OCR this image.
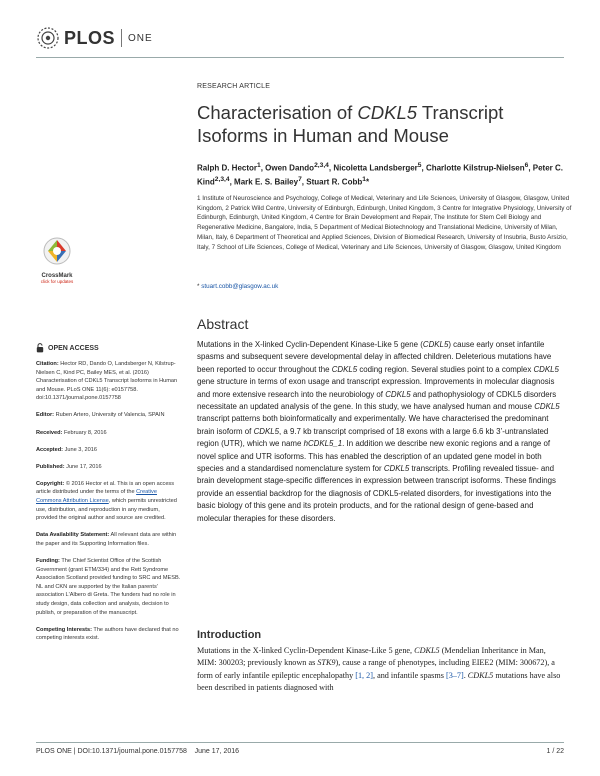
PLOS ONE
RESEARCH ARTICLE
Characterisation of CDKL5 Transcript Isoforms in Human and Mouse
Ralph D. Hector$^1$, Owen Dando$^{2,3,4}$, Nicoletta Landsberger$^5$, Charlotte Kilstrup-Nielsen$^6$, Peter C. Kind$^{2,3,4}$, Mark E. S. Bailey$^7$, Stuart R. Cobb$^1$*
1 Institute of Neuroscience and Psychology, College of Medical, Veterinary and Life Sciences, University of Glasgow, Glasgow, United Kingdom, 2 Patrick Wild Centre, University of Edinburgh, Edinburgh, United Kingdom, 3 Centre for Integrative Physiology, University of Edinburgh, Edinburgh, United Kingdom, 4 Centre for Brain Development and Repair, The Institute for Stem Cell Biology and Regenerative Medicine, Bangalore, India, 5 Department of Medical Biotechnology and Translational Medicine, University of Milan, Milan, Italy, 6 Department of Theoretical and Applied Sciences, Division of Biomedical Research, University of Insubria, Busto Arsizio, Italy, 7 School of Life Sciences, College of Medical, Veterinary and Life Sciences, University of Glasgow, Glasgow, United Kingdom
* stuart.cobb@glasgow.ac.uk
CrossMark
click for updates
OPEN ACCESS

Citation: Hector RD, Dando O, Landsberger N, Kilstrup-Nielsen C, Kind PC, Bailey MES, et al. (2016) Characterisation of CDKL5 Transcript Isoforms in Human and Mouse. PLoS ONE 11(6): e0157758. doi:10.1371/journal.pone.0157758

Editor: Ruben Artero, University of Valencia, SPAIN

Received: February 8, 2016

Accepted: June 3, 2016

Published: June 17, 2016

Copyright: © 2016 Hector et al. This is an open access article distributed under the terms of the Creative Commons Attribution License, which permits unrestricted use, distribution, and reproduction in any medium, provided the original author and source are credited.

Data Availability Statement: All relevant data are within the paper and its Supporting Information files.

Funding: The Chief Scientist Office of the Scottish Government (grant ETM/334) and the Rett Syndrome Association Scotland provided funding to SRC and MESB. NL and CKN are supported by the Italian parents' association L'Albero di Greta. The funders had no role in study design, data collection and analysis, decision to publish, or preparation of the manuscript.

Competing Interests: The authors have declared that no competing interests exist.

Abstract
Mutations in the X-linked Cyclin-Dependent Kinase-Like 5 gene (CDKL5) cause early onset infantile spasms and subsequent severe developmental delay in affected children. Deleterious mutations have been reported to occur throughout the CDKL5 coding region. Several studies point to a complex CDKL5 gene structure in terms of exon usage and transcript expression. Improvements in molecular diagnosis and more extensive research into the neurobiology of CDKL5 and pathophysiology of CDKL5 disorders necessitate an updated analysis of the gene. In this study, we have analysed human and mouse CDKL5 transcript patterns both bioinformatically and experimentally. We have characterised the predominant brain isoform of CDKL5, a 9.7 kb transcript comprised of 18 exons with a large 6.6 kb 3’-untranslated region (UTR), which we name hCDKL5_1. In addition we describe new exonic regions and a range of novel splice and UTR isoforms. This has enabled the description of an updated gene model in both species and a standardised nomenclature system for CDKL5 transcripts. Profiling revealed tissue- and brain development stage-specific differences in expression between transcript isoforms. These findings provide an essential backdrop for the diagnosis of CDKL5-related disorders, for investigations into the basic biology of this gene and its protein products, and for the rational design of gene-based and molecular therapies for these disorders.
Introduction
Mutations in the X-linked Cyclin-Dependent Kinase-Like 5 gene, CDKL5 (Mendelian Inheritance in Man, MIM: 300203; previously known as STK9), cause a range of phenotypes, including EIEE2 (MIM: 300672), a form of early infantile epileptic encephalopathy [1, 2], and infantile spasms [3–7]. CDKL5 mutations have also been described in patients diagnosed with
PLOS ONE | DOI:10.1371/journal.pone.0157758    June 17, 2016	1 / 22
